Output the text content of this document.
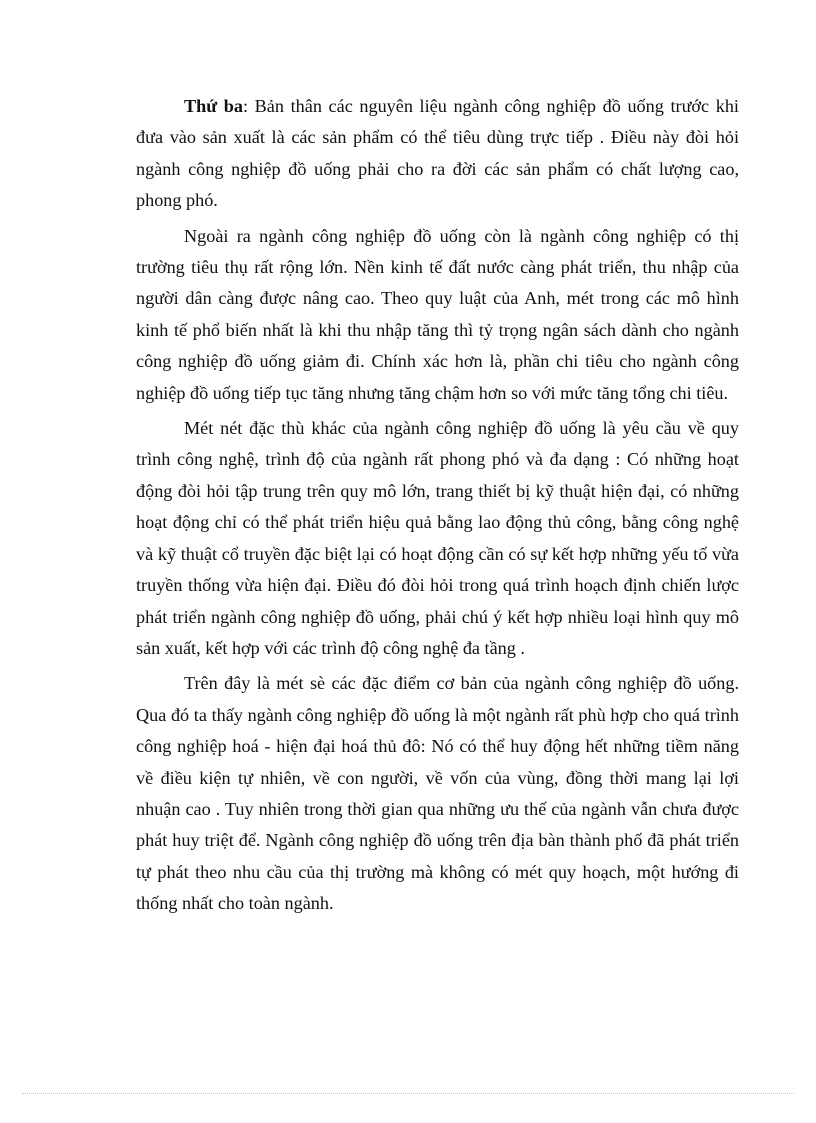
Thứ ba: Bản thân các nguyên liệu ngành công nghiệp đồ uống trước khi đưa vào sản xuất là các sản phẩm có thể tiêu dùng trực tiếp . Điều này đòi hỏi ngành công nghiệp đồ uống phải cho ra đời các sản phẩm có chất lượng cao, phong phó.

Ngoài ra ngành công nghiệp đồ uống còn là ngành công nghiệp có thị trường tiêu thụ rất rộng lớn. Nền kinh tế đất nước càng phát triển, thu nhập của người dân càng được nâng cao. Theo quy luật của Anh, mét trong các mô hình kinh tế phổ biến nhất là khi thu nhập tăng thì tỷ trọng ngân sách dành cho ngành công nghiệp đồ uống giảm đi. Chính xác hơn là, phần chi tiêu cho ngành công nghiệp đồ uống tiếp tục tăng nhưng tăng chậm hơn so với mức tăng tổng chi tiêu.

Mét nét đặc thù khác của ngành công nghiệp đồ uống là yêu cầu về quy trình công nghệ, trình độ của ngành rất phong phó và đa dạng : Có những hoạt động đòi hỏi tập trung trên quy mô lớn, trang thiết bị kỹ thuật hiện đại, có những hoạt động chỉ có thể phát triển hiệu quả bằng lao động thủ công, bằng công nghệ và kỹ thuật cổ truyền đặc biệt lại có hoạt động cần có sự kết hợp những yếu tố vừa truyền thống vừa hiện đại. Điều đó đòi hỏi trong quá trình hoạch định chiến lược phát triển ngành công nghiệp đồ uống, phải chú ý kết hợp nhiều loại hình quy mô sản xuất, kết hợp với các trình độ công nghệ đa tầng .

Trên đây là mét sè các đặc điểm cơ bản của ngành công nghiệp đồ uống. Qua đó ta thấy ngành công nghiệp đồ uống là một ngành rất phù hợp cho quá trình công nghiệp hoá - hiện đại hoá thủ đô: Nó có thể huy động hết những tiềm năng về điều kiện tự nhiên, về con người, về vốn của vùng, đồng thời mang lại lợi nhuận cao . Tuy nhiên trong thời gian qua những ưu thế của ngành vẫn chưa được phát huy triệt để. Ngành công nghiệp đồ uống trên địa bàn thành phố đã phát triển tự phát theo nhu cầu của thị trường mà không có mét quy hoạch, một hướng đi thống nhất cho toàn ngành.
